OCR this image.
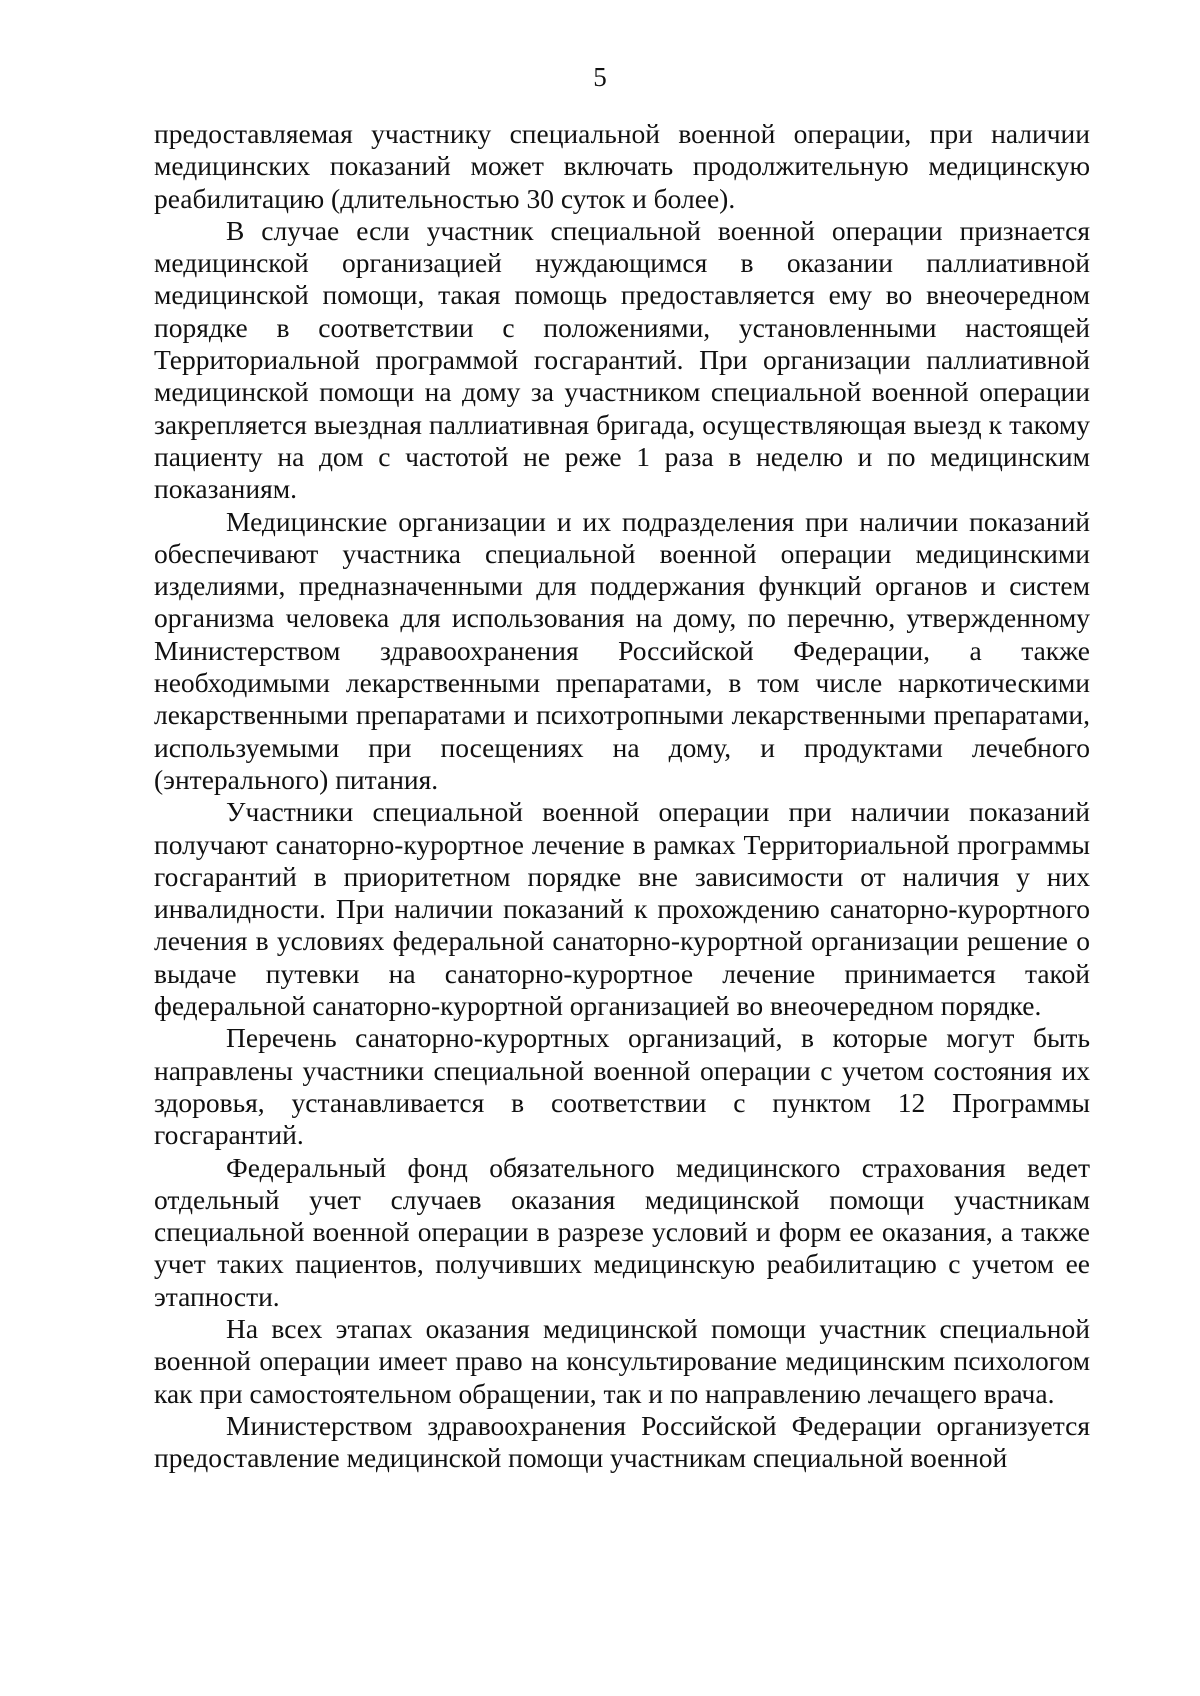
5

предоставляемая участнику специальной военной операции, при наличии медицинских показаний может включать продолжительную медицинскую реабилитацию (длительностью 30 суток и более).

В случае если участник специальной военной операции признается медицинской организацией нуждающимся в оказании паллиативной медицинской помощи, такая помощь предоставляется ему во внеочередном порядке в соответствии с положениями, установленными настоящей Территориальной программой госгарантий. При организации паллиативной медицинской помощи на дому за участником специальной военной операции закрепляется выездная паллиативная бригада, осуществляющая выезд к такому пациенту на дом с частотой не реже 1 раза в неделю и по медицинским показаниям.

Медицинские организации и их подразделения при наличии показаний обеспечивают участника специальной военной операции медицинскими изделиями, предназначенными для поддержания функций органов и систем организма человека для использования на дому, по перечню, утвержденному Министерством здравоохранения Российской Федерации, а также необходимыми лекарственными препаратами, в том числе наркотическими лекарственными препаратами и психотропными лекарственными препаратами, используемыми при посещениях на дому, и продуктами лечебного (энтерального) питания.

Участники специальной военной операции при наличии показаний получают санаторно-курортное лечение в рамках Территориальной программы госгарантий в приоритетном порядке вне зависимости от наличия у них инвалидности. При наличии показаний к прохождению санаторно-курортного лечения в условиях федеральной санаторно-курортной организации решение о выдаче путевки на санаторно-курортное лечение принимается такой федеральной санаторно-курортной организацией во внеочередном порядке.

Перечень санаторно-курортных организаций, в которые могут быть направлены участники специальной военной операции с учетом состояния их здоровья, устанавливается в соответствии с пунктом 12 Программы госгарантий.

Федеральный фонд обязательного медицинского страхования ведет отдельный учет случаев оказания медицинской помощи участникам специальной военной операции в разрезе условий и форм ее оказания, а также учет таких пациентов, получивших медицинскую реабилитацию с учетом ее этапности.

На всех этапах оказания медицинской помощи участник специальной военной операции имеет право на консультирование медицинским психологом как при самостоятельном обращении, так и по направлению лечащего врача.

Министерством здравоохранения Российской Федерации организуется предоставление медицинской помощи участникам специальной военной
